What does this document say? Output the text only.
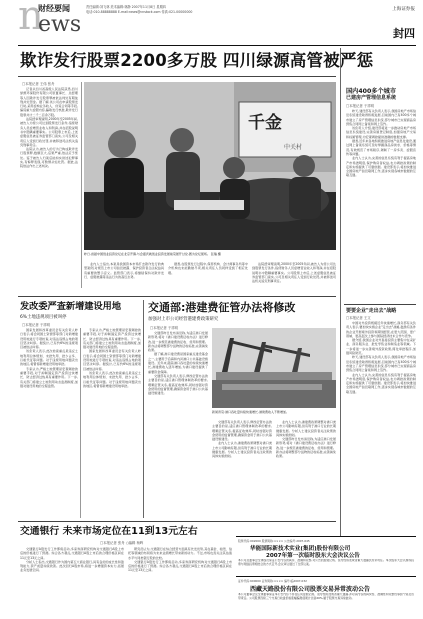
n
ews
财经要闻	责任编辑:刘飞林 美术编辑:林静 2007年11月8日 星期四
电话:010-88888888 E-mail:news@cnstock.com 传真:021-00000000	上海证券报
封四
欺诈发行股票2200多万股 四川绿源高管被严惩
□本报记者 王伟 张舟

记者从四川省高级人民法院获悉,四川绿源环保股份有限公司原董事长、总经理等人因欺诈发行股票罪被依法判处有期徒刑并处罚金。据了解,该公司在申请股票发行时,采用虚构业务收入、伪造合同等手段,编造重大虚假内容,骗取发行核准,欺诈发行股票共计二千二百余万股。

法院经审理查明,2000年至2005年间,被告人为使公司达到股票发行条件,指使财务人员虚增营业收入和利润,并在招股说明书中隐瞒重要事实。公司股票上市后,上述虚假信息被证券监管部门查实,公司及相关责任人受到行政处罚,并被移送司法机关追究刑事责任。

法院认为,被告人的行为已构成欺诈发行股票罪,数额巨大,后果严重,依法应予惩处。鉴于被告人归案后能如实供述犯罪事实,有悔罪表现,可酌情从轻处罚。据此,法院依法作出上述判决。

千金
中关村
昨日,首届中国创业投资论坛在北京开幕,与会嘉宾就创业投资发展前景展开讨论,图为论坛现场。 张瑞 摄

业内人士指出,本案是我国资本市场打击欺诈发行的典型案例,对规范上市公司信息披露、保护投资者合法权益具有重要的警示意义。监管部门表示,将继续保持对欺诈发行、虚假披露等违法行为的高压态势。

据悉,在股票发行过程中,保荐机构、会计师事务所等中介机构也未能勤勉尽责,相关责任人员同样受到了相应处理。

法院经审理查明,2000年至2005年间,被告人为使公司达到股票发行条件,指使财务人员虚增营业收入和利润,并在招股说明书中隐瞒重要事实。公司股票上市后,上述虚假信息被证券监管部门查实,公司及相关责任人受到行政处罚,并被移送司法机关追究刑事责任。

国内400多个城市
已建房产管理信息系统
□本报记者 于祥明

昨天,建设部有关负责人表示,我国房地产市场信息系统建设取得积极进展,目前国内已有400多个城市建立了房产管理信息系统,部分城市已实现商品房预售合同网上备案和网上签约。

该负责人介绍,建设部将进一步推动房地产市场信息系统建设,完善房屋登记制度,加强房地产交易和权属管理,为宏观调控提供准确的数据支撑。

据悉,近年来各地积极推进房地产信息化建设,通过网上备案系统可及时掌握商品房供求、价格等情况,有效规范了市场秩序,遏制了一房多卖、虚假宣传等问题。

业内人士认为,完善的信息系统有利于提高房地产市场透明度,保护购房者权益,也为调控政策的制定和实施提供了可靠依据。建设部表示,将加快推进全国房地产信息联网工作,逐步实现各城市数据的互联互通。

要要企业"走出去"战略
□本报记者 王文

中国对外投资规模近年快速增长,商务部有关负责人表示,要加快实施企业"走出去"战略,鼓励有条件的企业开展境外投资和跨国经营,在更大范围、更广领域、更高层次上参与国际经济技术合作与竞争。

据介绍,我国企业对外直接投资主要集中在采矿业、商务服务业、批发零售业和制造业等领域。下一步将进一步完善境外投资政策,简化审批程序,加强风险防范。

昨天,建设部有关负责人表示,我国房地产市场信息系统建设取得积极进展,目前国内已有400多个城市建立了房产管理信息系统,部分城市已实现商品房预售合同网上备案和网上签约。

业内人士认为,完善的信息系统有利于提高房地产市场透明度,保护购房者权益,也为调控政策的制定和实施提供了可靠依据。建设部表示,将加快推进全国房地产信息联网工作,逐步实现各城市数据的互联互通。

发改委严查新增建设用地
6%土地违规项目被叫停
□本报记者 于祥明

国家发展和改革委员会有关负责人昨日表示,将会同国土资源部等部门对新增建设用地进行专项检查,对违法违规占地的项目坚决叫停。据统计,已有约6%的违规项目被依法叫停。

该负责人表示,此次检查重点是违反土地利用总体规划、未批先用、批少占多、以租代征等问题。对于违规用地问题突出的地区,将暂停新增建设用地审批。

专家认为,严格土地管理是宏观调控的重要手段,对于抑制固定资产投资过快增长、防止经济过热具有重要作用。下一步,有关部门将建立土地利用动态监测制度,加强对建设用地的全程监管。

专家认为,严格土地管理是宏观调控的重要手段,对于抑制固定资产投资过快增长、防止经济过热具有重要作用。下一步,有关部门将建立土地利用动态监测制度,加强对建设用地的全程监管。

国家发展和改革委员会有关负责人昨日表示,将会同国土资源部等部门对新增建设用地进行专项检查,对违法违规占地的项目坚决叫停。据统计,已有约6%的违规项目被依法叫停。

该负责人表示,此次检查重点是违反土地利用总体规划、未批先用、批少占多、以租代征等问题。对于违规用地问题突出的地区,将暂停新增建设用地审批。

交通部:港建费征管办法将修改
加强对上市公司经营港建费政策研究
□本报记者 于祥明

交通部昨日发布消息称,为适应港口发展新形势,将对《港口建设费征收办法》进行修改,进一步规范港建费的征收、使用和管理。新办法将调整部分货物的征收标准,完善减免政策。

据了解,港口建设费是国家重点建设基金之一,主要用于沿海和内河港口公共基础设施建设。近年来,随着港口吞吐量的持续快速增长,港建费收入逐年增加,为港口建设提供了重要资金保障。

交通部有关负责人表示,修改征管办法的主要目的是,适应港口管理体制改革的要求,理顺征管关系,提高征收效率,同时加强对资金使用的监督管理,确保资金用于港口公共基础设施建设。

新闻背景:港口吞吐量持续快速增长,港建费收入不断增加。

交通部有关负责人表示,修改征管办法的主要目的是,适应港口管理体制改革的要求,理顺征管关系,提高征收效率,同时加强对资金使用的监督管理,确保资金用于港口公共基础设施建设。

业内人士认为,港建费政策调整对港口类上市公司影响有限,但有利于港口行业的长期健康发展。分析人士建议投资者关注政策的具体实施细则。

业内人士认为,港建费政策调整对港口类上市公司影响有限,但有利于港口行业的长期健康发展。分析人士建议投资者关注政策的具体实施细则。

交通部昨日发布消息称,为适应港口发展新形势,将对《港口建设费征收办法》进行修改,进一步规范港建费的征收、使用和管理。新办法将调整部分货物的征收标准,完善减免政策。

交通银行 未来市场定位在11到13元左右
□本报记者 张舟 ○编辑 杨晖

交通银行A股发行工作即将启动,多家券商研究机构对交通银行A股上市后的价格进行了预测。综合各方观点,交通银行A股上市后的合理价格区间在11元至13元之间。

分析人士指出,交通银行作为国内第五大商业银行,具有良好的成长性和盈利能力,资产质量持续改善。此次回归A股市场,将进一步增强资本实力,拓展业务发展空间。

研究员认为,交通银行在综合经营方面具有先发优势,其在基金、租赁、信托等领域的布局将为未来业绩增长带来新的动力。不过,市场也需关注其估值水平与同类银行股的比较。

交通银行A股发行工作即将启动,多家券商研究机构对交通银行A股上市后的价格进行了预测。综合各方观点,交通银行A股上市后的合理价格区间在11元至13元之间。

股票代码:002000 股票简称:×××× 公告编号:2007-045
华能国际新技术实业(集团)股份有限公司
2007年第一次临时股东大会决议公告
本公司及董事会全体成员保证公告内容的真实、准确和完整,对公告的虚假记载、误导性陈述或者重大遗漏负连带责任。本次股东大会以现场投票与网络投票相结合的方式召开,会议审议通过了全部议案。
证券代码:600000 证券简称:×××× 编号:临2007-032
西藏天路股份有限公司股票交易异常波动公告
本公司董事会及全体董事保证本公告内容不存在任何虚假记载、误导性陈述或者重大遗漏,并对其内容的真实性、准确性和完整性承担个别及连带责任。公司股票连续三个交易日收盘价格涨幅偏离值累计达到20%,属于股票交易异常波动。
